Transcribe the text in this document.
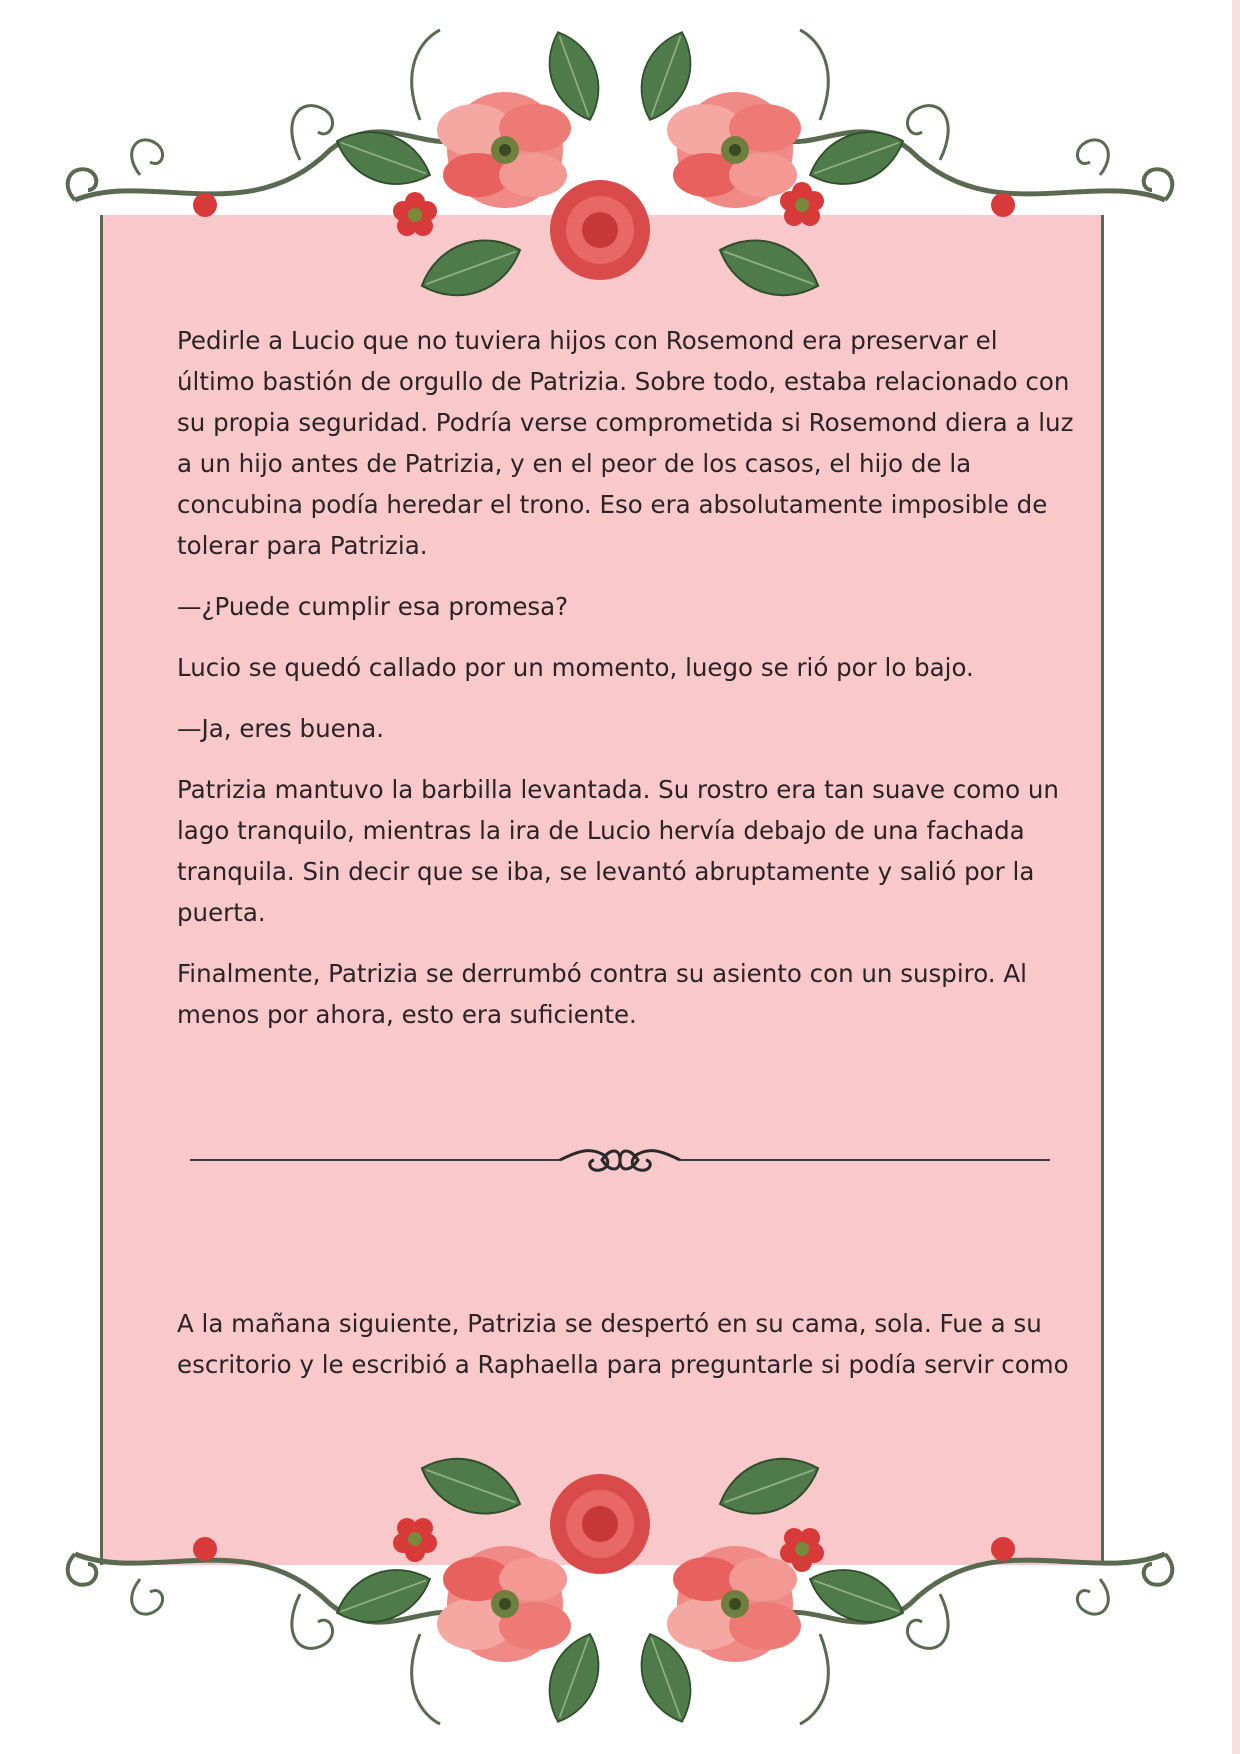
Pedirle a Lucio que no tuviera hijos con Rosemond era preservar el último bastión de orgullo de Patrizia. Sobre todo, estaba relacionado con su propia seguridad. Podría verse comprometida si Rosemond diera a luz a un hijo antes de Patrizia, y en el peor de los casos, el hijo de la concubina podía heredar el trono. Eso era absolutamente imposible de tolerar para Patrizia.

—¿Puede cumplir esa promesa?

Lucio se quedó callado por un momento, luego se rió por lo bajo.

—Ja, eres buena.

Patrizia mantuvo la barbilla levantada. Su rostro era tan suave como un lago tranquilo, mientras la ira de Lucio hervía debajo de una fachada tranquila. Sin decir que se iba, se levantó abruptamente y salió por la puerta.

Finalmente, Patrizia se derrumbó contra su asiento con un suspiro. Al menos por ahora, esto era suficiente.

A la mañana siguiente, Patrizia se despertó en su cama, sola. Fue a su escritorio y le escribió a Raphaella para preguntarle si podía servir como
